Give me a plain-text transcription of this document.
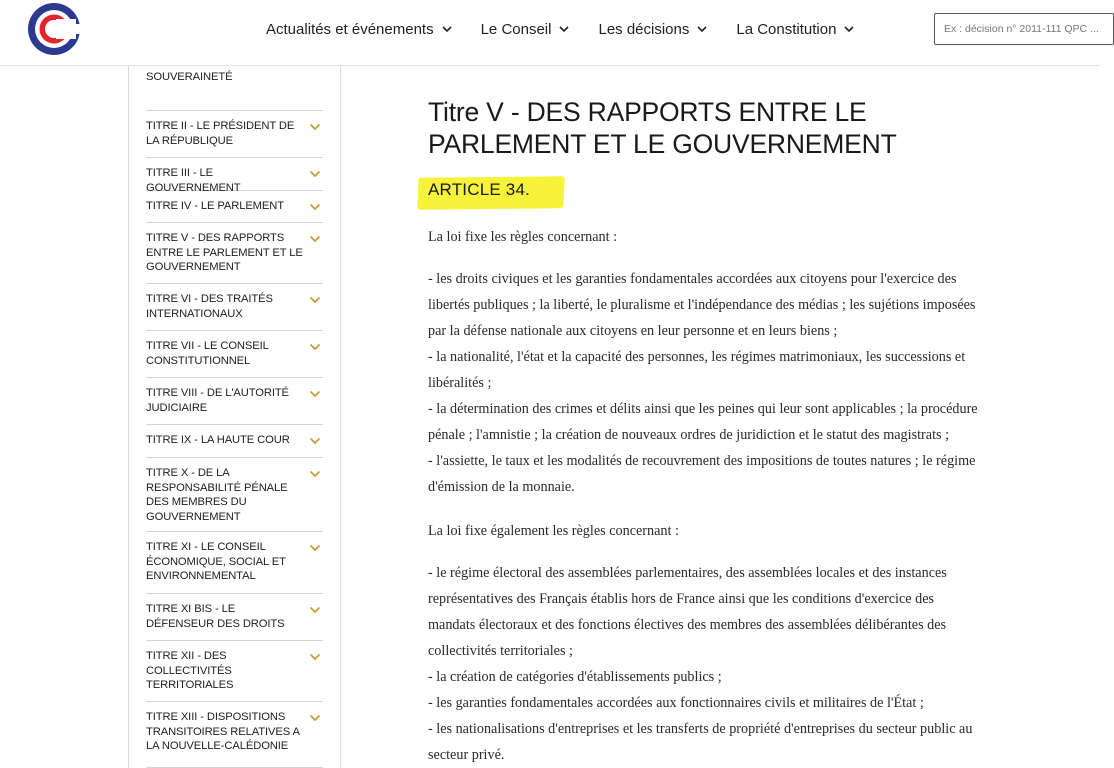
Actualités et événements	Le Conseil	Les décisions	La Constitution
Ex : décision n° 2011-111 QPC ...
SOUVERAINETÉ
TITRE II - LE PRÉSIDENT DE LA RÉPUBLIQUE
TITRE III - LE GOUVERNEMENT
TITRE IV - LE PARLEMENT
TITRE V - DES RAPPORTS ENTRE LE PARLEMENT ET LE GOUVERNEMENT
TITRE VI - DES TRAITÉS INTERNATIONAUX
TITRE VII - LE CONSEIL CONSTITUTIONNEL
TITRE VIII - DE L'AUTORITÉ JUDICIAIRE
TITRE IX - LA HAUTE COUR
TITRE X - DE LA RESPONSABILITÉ PÉNALE DES MEMBRES DU GOUVERNEMENT
TITRE XI - LE CONSEIL ÉCONOMIQUE, SOCIAL ET ENVIRONNEMENTAL
TITRE XI BIS - LE DÉFENSEUR DES DROITS
TITRE XII - DES COLLECTIVITÉS TERRITORIALES
TITRE XIII - DISPOSITIONS TRANSITOIRES RELATIVES A LA NOUVELLE-CALÉDONIE
Titre V - DES RAPPORTS ENTRE LE PARLEMENT ET LE GOUVERNEMENT
ARTICLE 34.
La loi fixe les règles concernant :
- les droits civiques et les garanties fondamentales accordées aux citoyens pour l'exercice des
libertés publiques ; la liberté, le pluralisme et l'indépendance des médias ; les sujétions imposées
par la défense nationale aux citoyens en leur personne et en leurs biens ;
- la nationalité, l'état et la capacité des personnes, les régimes matrimoniaux, les successions et
libéralités ;
- la détermination des crimes et délits ainsi que les peines qui leur sont applicables ; la procédure
pénale ; l'amnistie ; la création de nouveaux ordres de juridiction et le statut des magistrats ;
- l'assiette, le taux et les modalités de recouvrement des impositions de toutes natures ; le régime
d'émission de la monnaie.
La loi fixe également les règles concernant :
- le régime électoral des assemblées parlementaires, des assemblées locales et des instances
représentatives des Français établis hors de France ainsi que les conditions d'exercice des
mandats électoraux et des fonctions électives des membres des assemblées délibérantes des
collectivités territoriales ;
- la création de catégories d'établissements publics ;
- les garanties fondamentales accordées aux fonctionnaires civils et militaires de l'État ;
- les nationalisations d'entreprises et les transferts de propriété d'entreprises du secteur public au
secteur privé.
